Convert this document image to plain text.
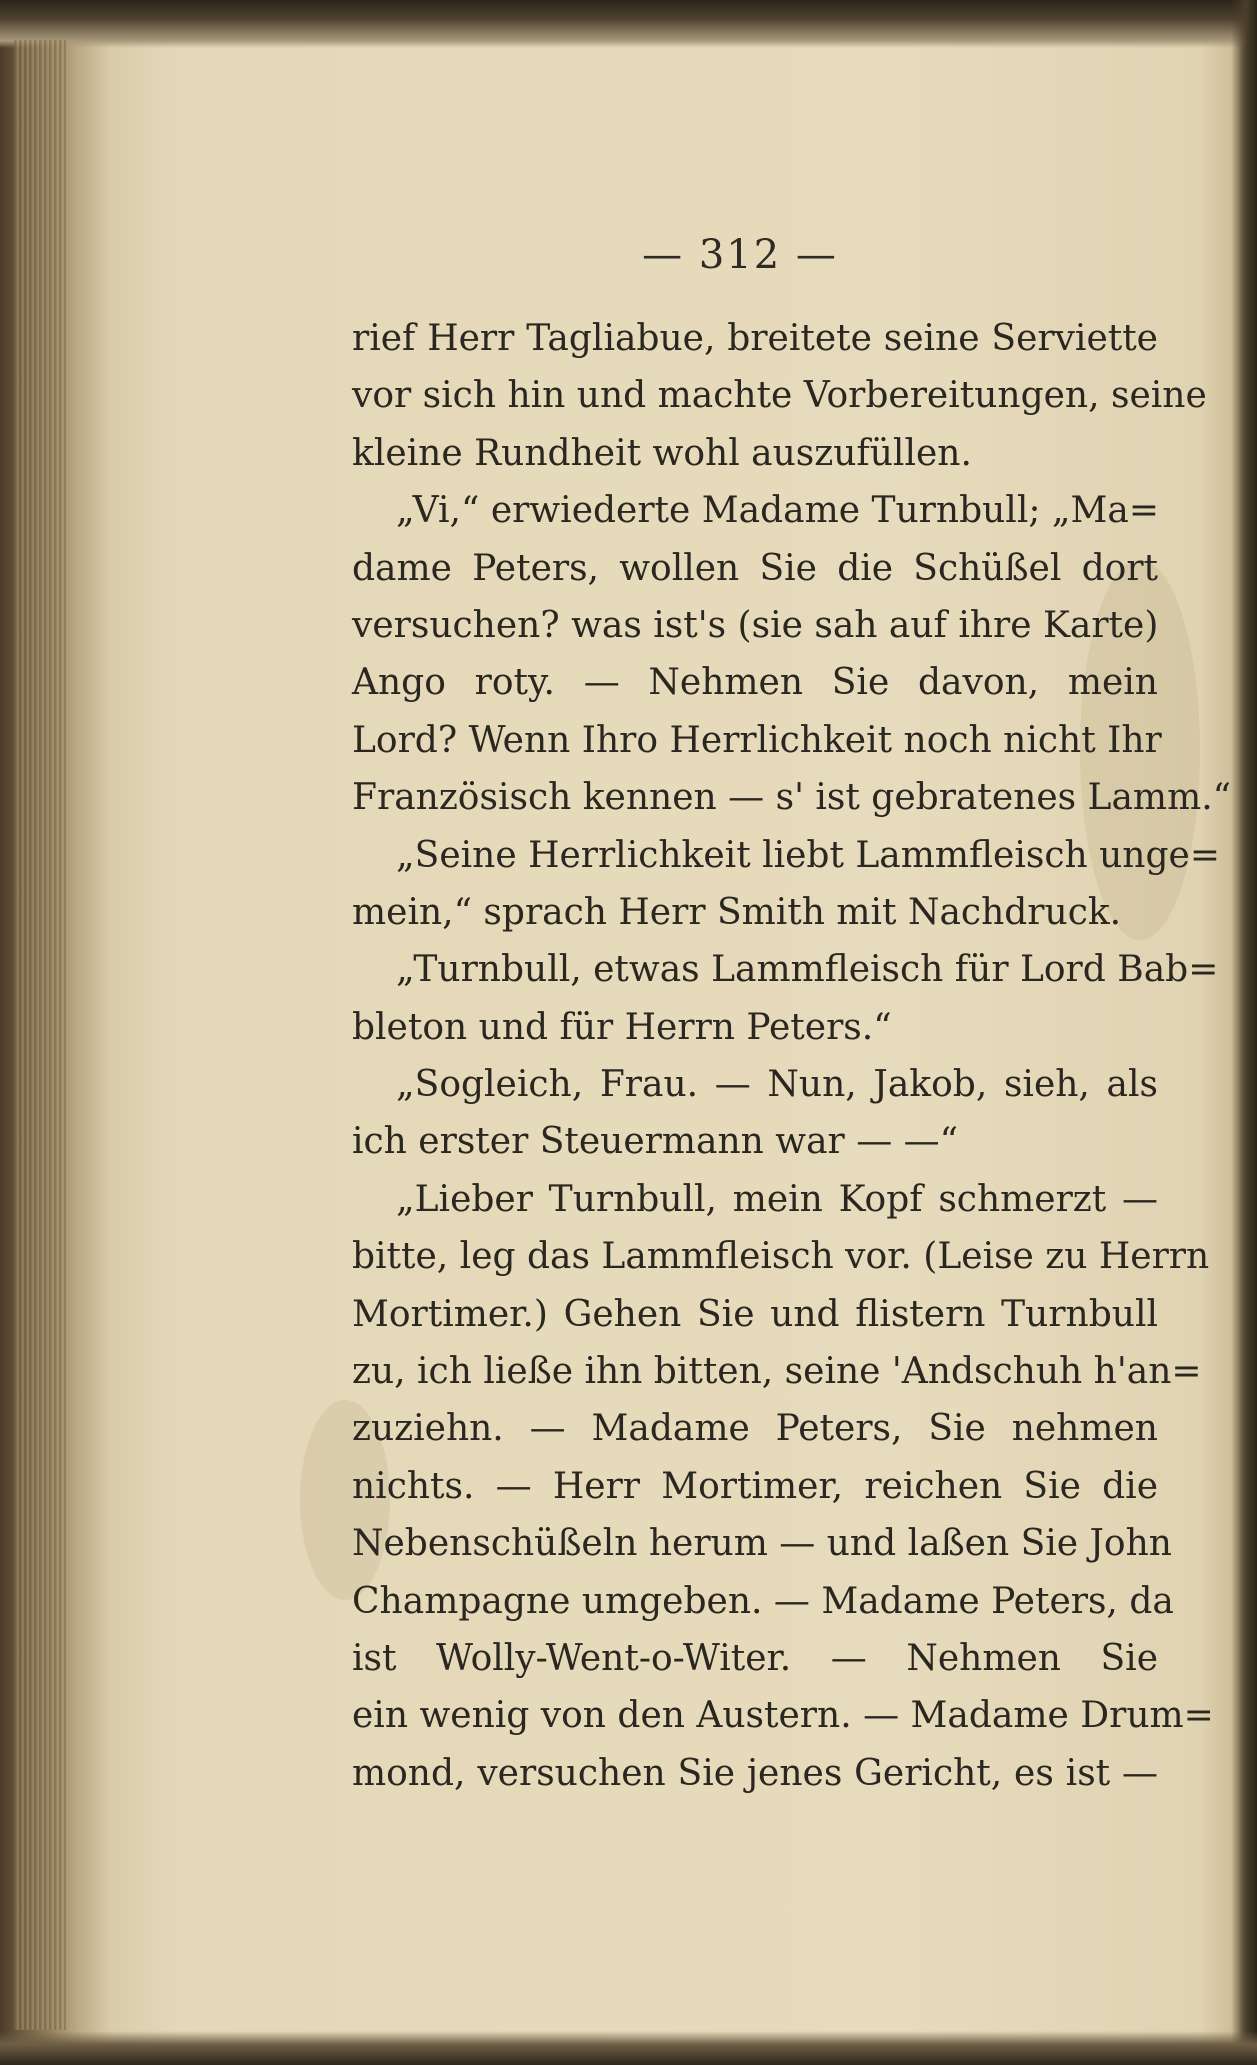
— 312 —
rief Herr Tagliabue, breitete seine Serviette
vor sich hin und machte Vorbereitungen, seine
kleine Rundheit wohl auszufüllen.
„Vi,“ erwiederte Madame Turnbull; „Ma=
dame Peters, wollen Sie die Schüßel dort
versuchen? was ist's (sie sah auf ihre Karte)
Ango roty. — Nehmen Sie davon, mein
Lord? Wenn Ihro Herrlichkeit noch nicht Ihr
Französisch kennen — s' ist gebratenes Lamm.“
„Seine Herrlichkeit liebt Lammfleisch unge=
mein,“ sprach Herr Smith mit Nachdruck.
„Turnbull, etwas Lammfleisch für Lord Bab=
bleton und für Herrn Peters.“
„Sogleich, Frau. — Nun, Jakob, sieh, als
ich erster Steuermann war — —“
„Lieber Turnbull, mein Kopf schmerzt —
bitte, leg das Lammfleisch vor. (Leise zu Herrn
Mortimer.) Gehen Sie und flistern Turnbull
zu, ich ließe ihn bitten, seine 'Andschuh h'an=
zuziehn. — Madame Peters, Sie nehmen
nichts. — Herr Mortimer, reichen Sie die
Nebenschüßeln herum — und laßen Sie John
Champagne umgeben. — Madame Peters, da
ist Wolly-Went-o-Witer. — Nehmen Sie
ein wenig von den Austern. — Madame Drum=
mond, versuchen Sie jenes Gericht, es ist —
